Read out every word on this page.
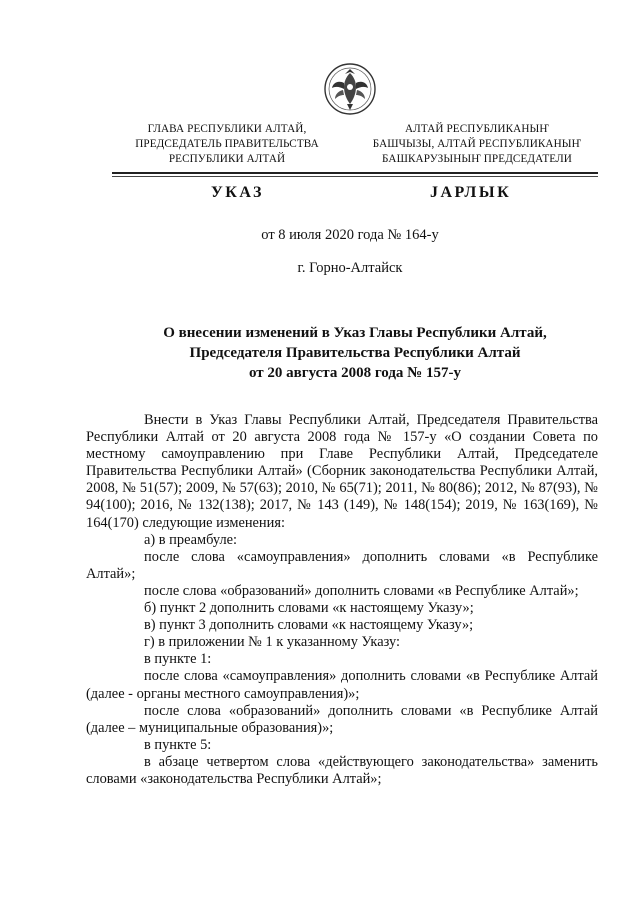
ГЛАВА РЕСПУБЛИКИ АЛТАЙ,
ПРЕДСЕДАТЕЛЬ ПРАВИТЕЛЬСТВА
РЕСПУБЛИКИ АЛТАЙ
АЛТАЙ РЕСПУБЛИКАНЫҤ
БАШЧЫЗЫ, АЛТАЙ РЕСПУБЛИКАНЫҤ
БАШКАРУЗЫНЫҤ ПРЕДСЕДАТЕЛИ
УКАЗ	JАРЛЫК
от 8 июля 2020 года № 164-у
г. Горно-Алтайск
О внесении изменений в Указ Главы Республики Алтай,
Председателя Правительства Республики Алтай
от 20 августа 2008 года № 157-у

Внести в Указ Главы Республики Алтай, Председателя Правительства Республики Алтай от 20 августа 2008 года № 157-у «О создании Совета по местному самоуправлению при Главе Республики Алтай, Председателе Правительства Республики Алтай» (Сборник законодательства Республики Алтай, 2008, № 51(57); 2009, № 57(63); 2010, № 65(71); 2011, № 80(86); 2012, № 87(93), № 94(100); 2016, № 132(138); 2017, № 143 (149), № 148(154); 2019, № 163(169), № 164(170) следующие изменения:

а) в преамбуле:

после слова «самоуправления» дополнить словами «в Республике Алтай»;

после слова «образований» дополнить словами «в Республике Алтай»;

б) пункт 2 дополнить словами «к настоящему Указу»;

в) пункт 3 дополнить словами «к настоящему Указу»;

г) в приложении № 1 к указанному Указу:

в пункте 1:

после слова «самоуправления» дополнить словами «в Республике Алтай (далее - органы местного самоуправления)»;

после слова «образований» дополнить словами «в Республике Алтай (далее – муниципальные образования)»;

в пункте 5:

в абзаце четвертом слова «действующего законодательства» заменить словами «законодательства Республики Алтай»;
